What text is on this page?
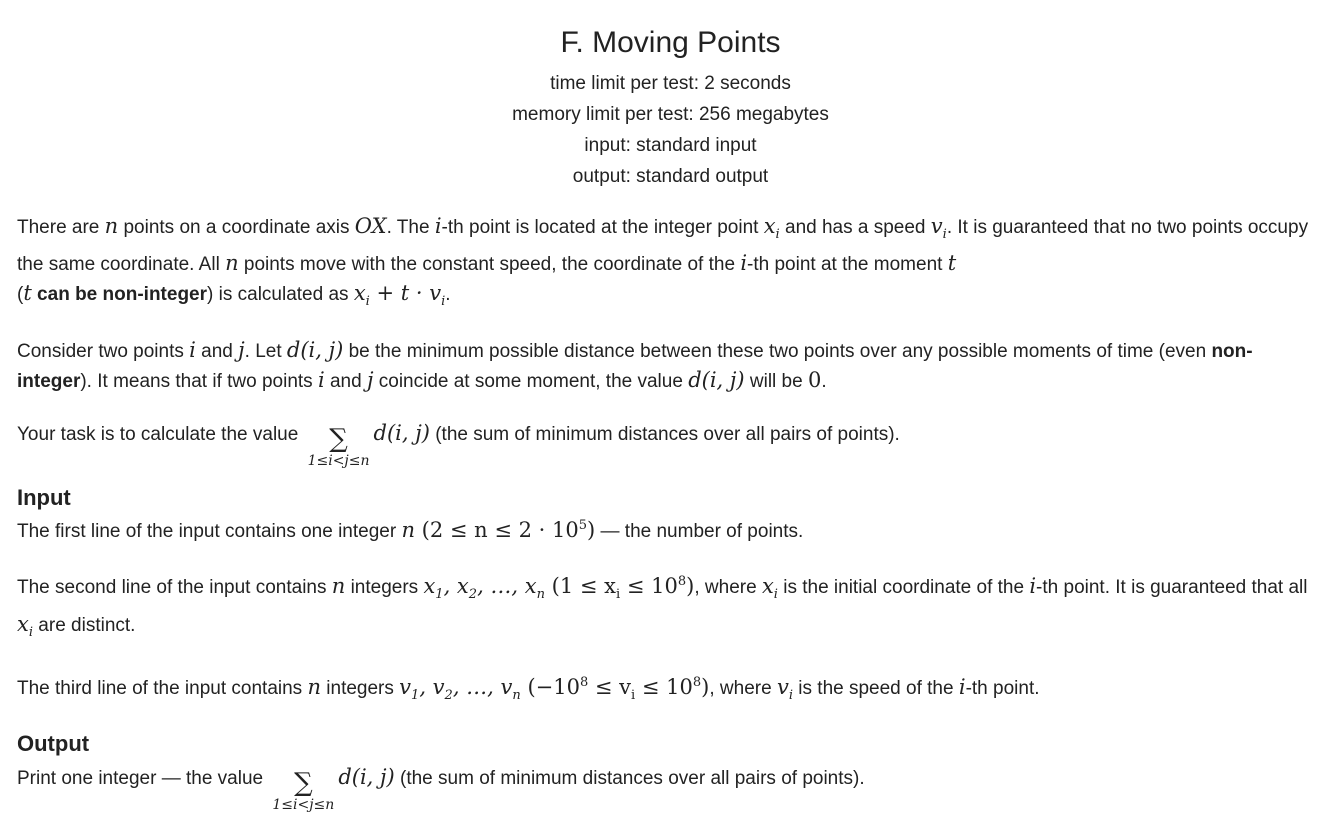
F. Moving Points
time limit per test: 2 seconds
memory limit per test: 256 megabytes
input: standard input
output: standard output

There are n points on a coordinate axis OX. The i-th point is located at the integer point $x_i$ and has a speed $v_i$. It is guaranteed that no two points occupy the same coordinate. All n points move with the constant speed, the coordinate of the i-th point at the moment t
(t can be non-integer) is calculated as $x_i + t \cdot v_i$.

Consider two points i and j. Let d(i, j) be the minimum possible distance between these two points over any possible moments of time (even non-integer). It means that if two points i and j coincide at some moment, the value d(i, j) will be 0.

Your task is to calculate the value ∑
1≤i<j≤n
d(i, j) (the sum of minimum distances over all pairs of points).

Input

The first line of the input contains one integer n $(2 \le n \le 2 \cdot 10^5)$ — the number of points.

The second line of the input contains n integers $x_1$, $x_2$, …, $x_n$ $(1 \le x_i \le 10^8)$, where $x_i$ is the initial coordinate of the i-th point. It is guaranteed that all $x_i$ are distinct.

The third line of the input contains n integers $v_1$, $v_2$, …, $v_n$ $(-10^8 \le v_i \le 10^8)$, where $v_i$ is the speed of the i-th point.

Output

Print one integer — the value ∑
1≤i<j≤n
d(i, j) (the sum of minimum distances over all pairs of points).
